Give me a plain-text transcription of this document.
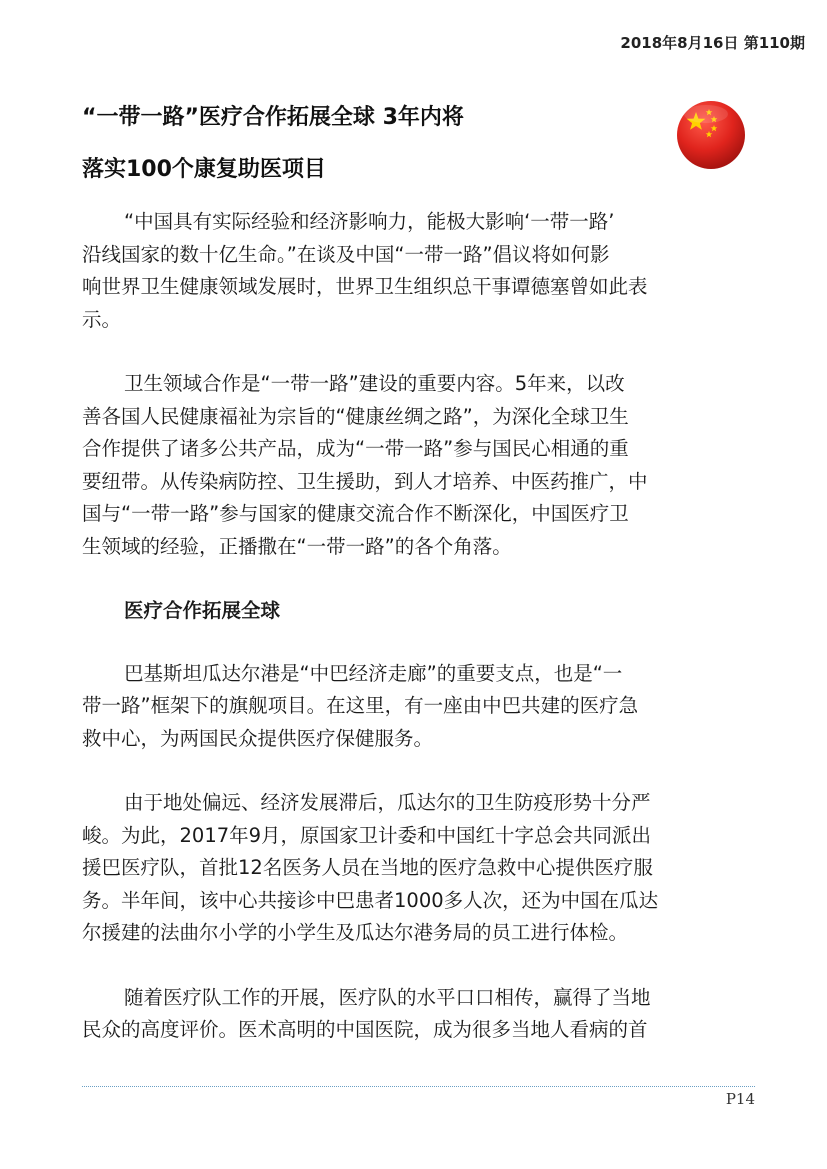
2018年8月16日 第110期
“一带一路”医疗合作拓展全球 3年内将
落实100个康复助医项目

“中国具有实际经验和经济影响力，能极大影响‘一带一路’
沿线国家的数十亿生命。”在谈及中国“一带一路”倡议将如何影
响世界卫生健康领域发展时，世界卫生组织总干事谭德塞曾如此表
示。

卫生领域合作是“一带一路”建设的重要内容。5年来，以改
善各国人民健康福祉为宗旨的“健康丝绸之路”，为深化全球卫生
合作提供了诸多公共产品，成为“一带一路”参与国民心相通的重
要纽带。从传染病防控、卫生援助，到人才培养、中医药推广，中
国与“一带一路”参与国家的健康交流合作不断深化，中国医疗卫
生领域的经验，正播撒在“一带一路”的各个角落。

医疗合作拓展全球

巴基斯坦瓜达尔港是“中巴经济走廊”的重要支点，也是“一
带一路”框架下的旗舰项目。在这里，有一座由中巴共建的医疗急
救中心，为两国民众提供医疗保健服务。

由于地处偏远、经济发展滞后，瓜达尔的卫生防疫形势十分严
峻。为此，2017年9月，原国家卫计委和中国红十字总会共同派出
援巴医疗队，首批12名医务人员在当地的医疗急救中心提供医疗服
务。半年间，该中心共接诊中巴患者1000多人次，还为中国在瓜达
尔援建的法曲尔小学的小学生及瓜达尔港务局的员工进行体检。

随着医疗队工作的开展，医疗队的水平口口相传，赢得了当地
民众的高度评价。医术高明的中国医院，成为很多当地人看病的首

P14
